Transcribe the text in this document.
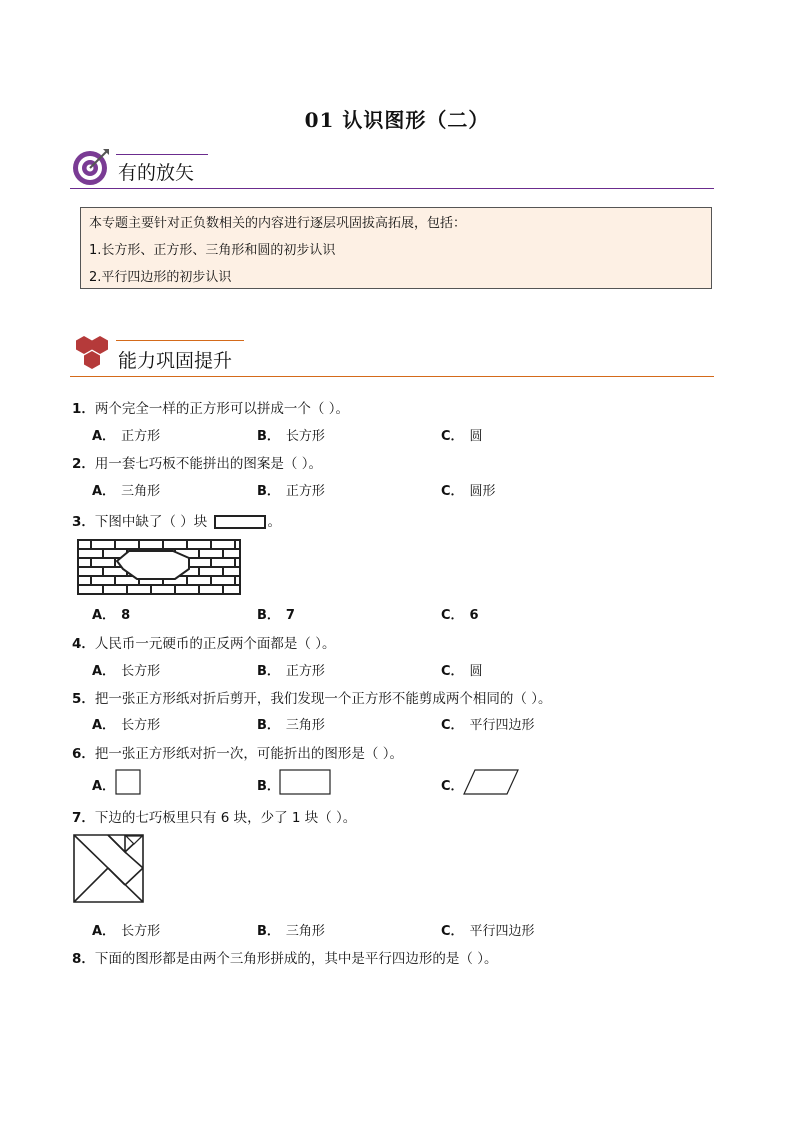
01 认识图形（二）
有的放矢
本专题主要针对正负数相关的内容进行逐层巩固拔高拓展，包括：
1.长方形、正方形、三角形和圆的初步认识
2.平行四边形的初步认识
能力巩固提升
1．两个完全一样的正方形可以拼成一个（ ）。
A． 正方形	B． 长方形	C． 圆
2．用一套七巧板不能拼出的图案是（ ）。
A． 三角形	B． 正方形	C． 圆形
3．下图中缺了（ ）块	。
A． 8	B． 7	C． 6
4．人民币一元硬币的正反两个面都是（ ）。
A． 长方形	B． 正方形	C． 圆
5．把一张正方形纸对折后剪开，我们发现一个正方形不能剪成两个相同的（ ）。
A． 长方形	B． 三角形	C． 平行四边形
6．把一张正方形纸对折一次，可能折出的图形是（ ）。
A．	B．	C．
7．下边的七巧板里只有 6 块，少了 1 块（ ）。
A． 长方形	B． 三角形	C． 平行四边形
8．下面的图形都是由两个三角形拼成的，其中是平行四边形的是（ ）。
